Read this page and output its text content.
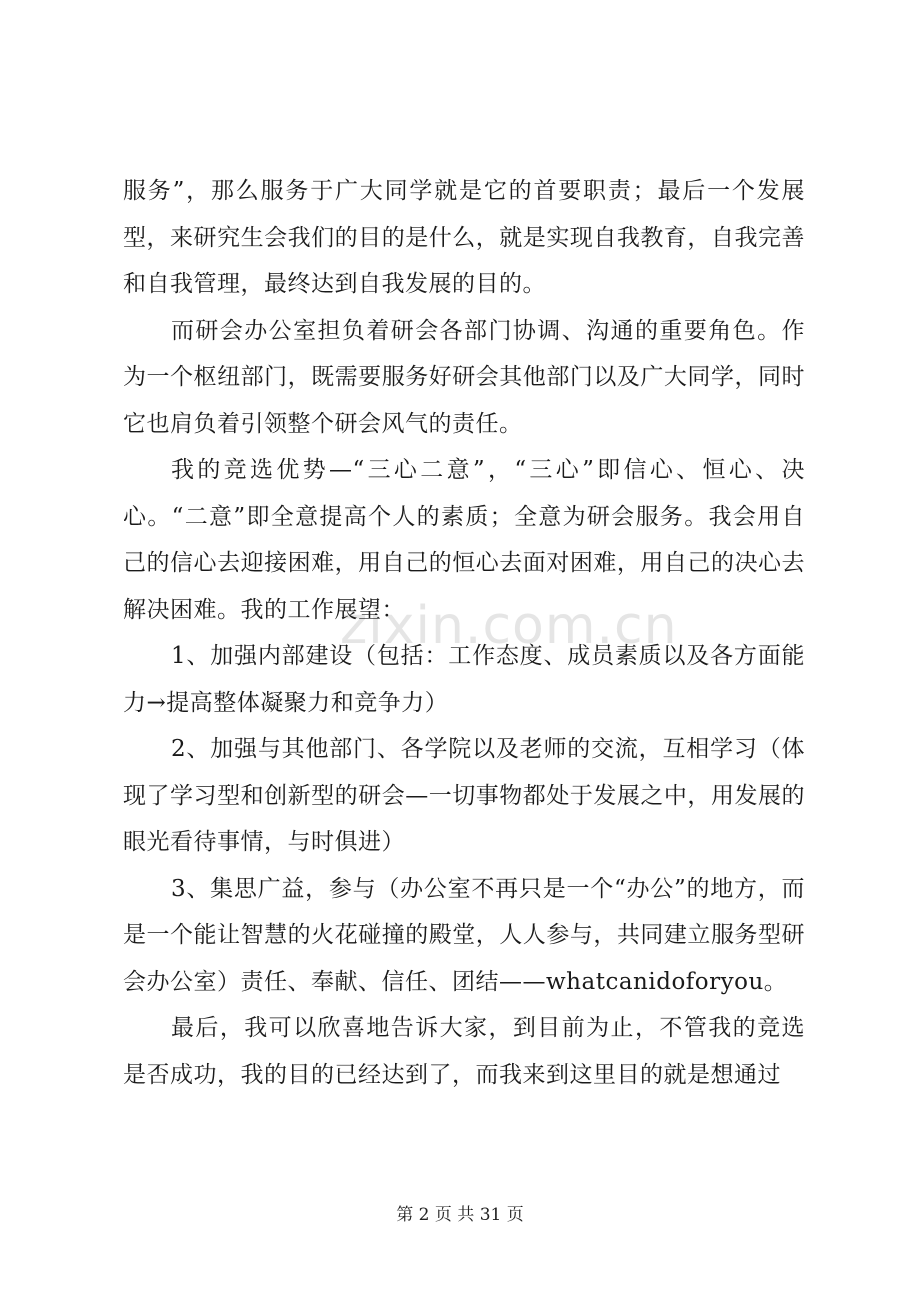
zixin.com.cn

服务”，那么服务于广大同学就是它的首要职责；最后一个发展型，来研究生会我们的目的是什么，就是实现自我教育，自我完善和自我管理，最终达到自我发展的目的。

而研会办公室担负着研会各部门协调、沟通的重要角色。作为一个枢纽部门，既需要服务好研会其他部门以及广大同学，同时它也肩负着引领整个研会风气的责任。

我的竞选优势—“三心二意”，“三心”即信心、恒心、决心。“二意”即全意提高个人的素质；全意为研会服务。我会用自己的信心去迎接困难，用自己的恒心去面对困难，用自己的决心去解决困难。我的工作展望：

1、加强内部建设（包括：工作态度、成员素质以及各方面能力→提高整体凝聚力和竞争力）

2、加强与其他部门、各学院以及老师的交流，互相学习（体现了学习型和创新型的研会—一切事物都处于发展之中，用发展的眼光看待事情，与时俱进）

3、集思广益，参与（办公室不再只是一个“办公”的地方，而是一个能让智慧的火花碰撞的殿堂，人人参与，共同建立服务型研会办公室）责任、奉献、信任、团结——whatcanidoforyou。

最后，我可以欣喜地告诉大家，到目前为止，不管我的竞选是否成功，我的目的已经达到了，而我来到这里目的就是想通过

第 2 页 共 31 页
